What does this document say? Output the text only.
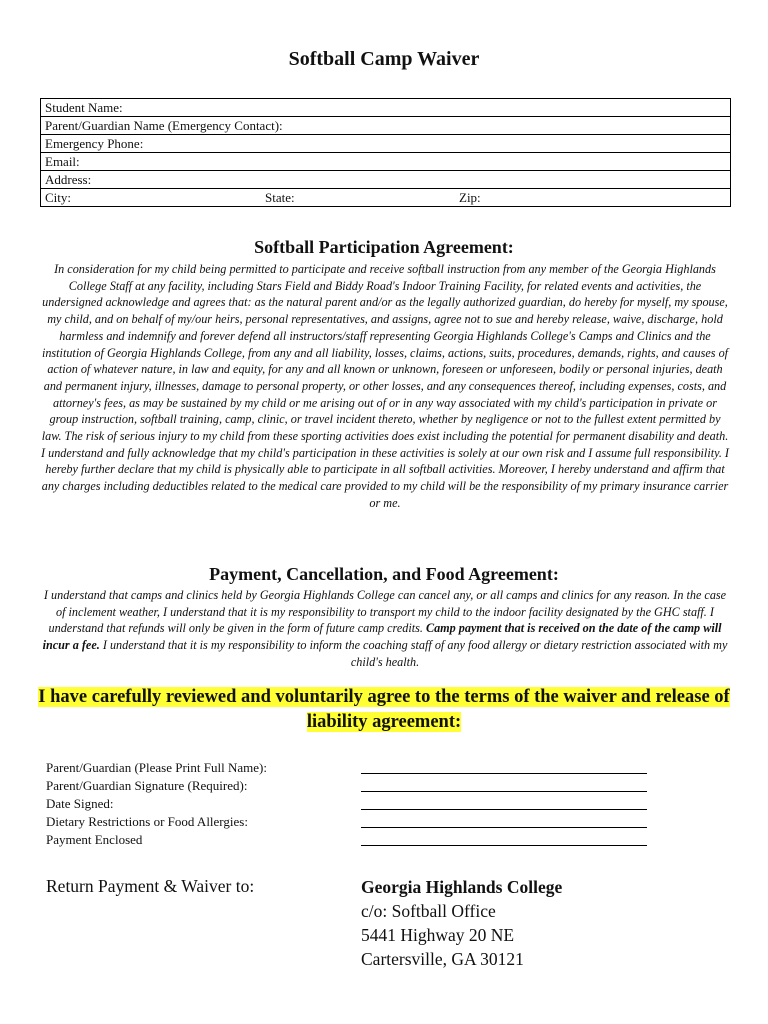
Softball Camp Waiver
Student Name:
Parent/Guardian Name (Emergency Contact):
Emergency Phone:
Email:
Address:

City:	State:	Zip:
Softball Participation Agreement:

In consideration for my child being permitted to participate and receive softball instruction from any member of the Georgia Highlands College Staff at any facility, including Stars Field and Biddy Road's Indoor Training Facility, for related events and activities, the undersigned acknowledge and agrees that: as the natural parent and/or as the legally authorized guardian, do hereby for myself, my spouse, my child, and on behalf of my/our heirs, personal representatives, and assigns, agree not to sue and hereby release, waive, discharge, hold harmless and indemnify and forever defend all instructors/staff representing Georgia Highlands College's Camps and Clinics and the institution of Georgia Highlands College, from any and all liability, losses, claims, actions, suits, procedures, demands, rights, and causes of action of whatever nature, in law and equity, for any and all known or unknown, foreseen or unforeseen, bodily or personal injuries, death and permanent injury, illnesses, damage to personal property, or other losses, and any consequences thereof, including expenses, costs, and attorney's fees, as may be sustained by my child or me arising out of or in any way associated with my child's participation in private or group instruction, softball training, camp, clinic, or travel incident thereto, whether by negligence or not to the fullest extent permitted by law. The risk of serious injury to my child from these sporting activities does exist including the potential for permanent disability and death. I understand and fully acknowledge that my child's participation in these activities is solely at our own risk and I assume full responsibility. I hereby further declare that my child is physically able to participate in all softball activities. Moreover, I hereby understand and affirm that any charges including deductibles related to the medical care provided to my child will be the responsibility of my primary insurance carrier or me.

Payment, Cancellation, and Food Agreement:

I understand that camps and clinics held by Georgia Highlands College can cancel any, or all camps and clinics for any reason. In the case of inclement weather, I understand that it is my responsibility to transport my child to the indoor facility designated by the GHC staff. I understand that refunds will only be given in the form of future camp credits. Camp payment that is received on the date of the camp will incur a fee. I understand that it is my responsibility to inform the coaching staff of any food allergy or dietary restriction associated with my child's health.

I have carefully reviewed and voluntarily agree to the terms of the waiver and release of liability agreement:
Parent/Guardian (Please Print Full Name):
Parent/Guardian Signature (Required):
Date Signed:
Dietary Restrictions or Food Allergies:
Payment Enclosed
Return Payment & Waiver to:	Georgia Highlands College
c/o: Softball Office
5441 Highway 20 NE
Cartersville, GA 30121
